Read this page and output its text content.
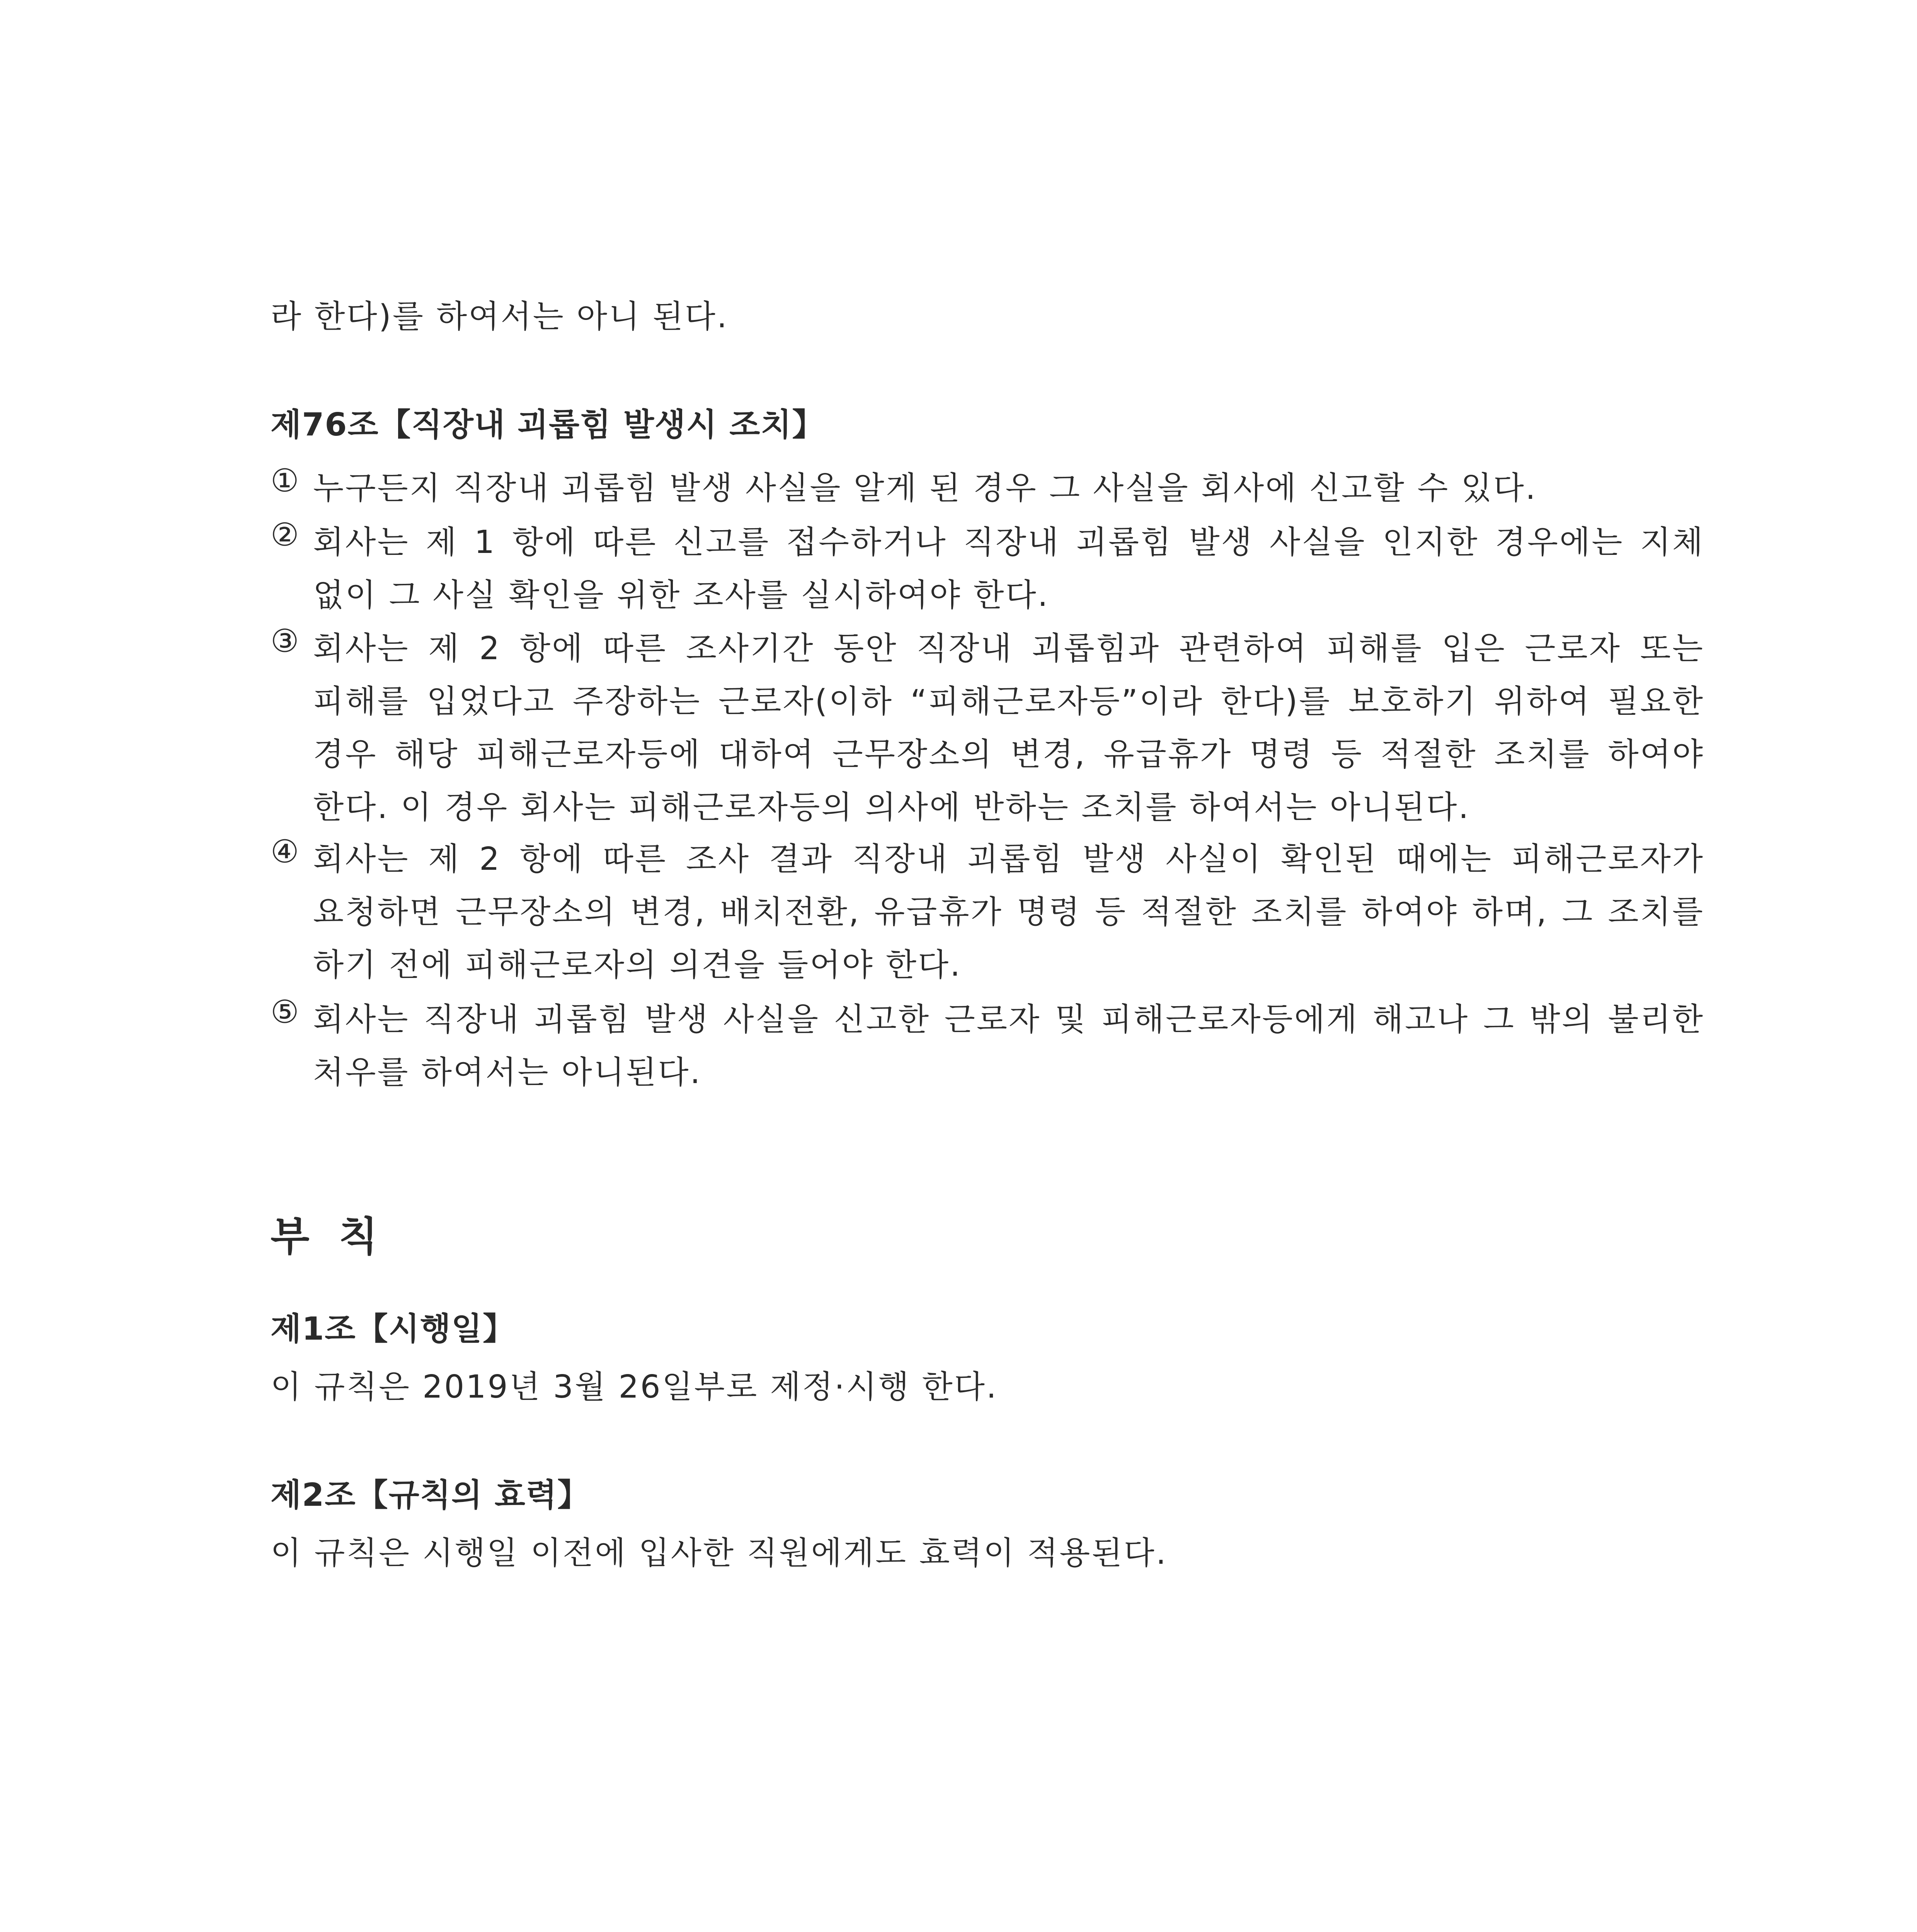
라 한다)를 하여서는 아니 된다.
제76조【직장내 괴롭힘 발생시 조치】
① 누구든지 직장내 괴롭힘 발생 사실을 알게 된 경우 그 사실을 회사에 신고할 수 있다.
② 회사는 제 1 항에 따른 신고를 접수하거나 직장내 괴롭힘 발생 사실을 인지한 경우에는 지체 없이 그 사실 확인을 위한 조사를 실시하여야 한다.
③ 회사는 제 2 항에 따른 조사기간 동안 직장내 괴롭힘과 관련하여 피해를 입은 근로자 또는 피해를 입었다고 주장하는 근로자(이하 “피해근로자등”이라 한다)를 보호하기 위하여 필요한 경우 해당 피해근로자등에 대하여 근무장소의 변경, 유급휴가 명령 등 적절한 조치를 하여야 한다. 이 경우 회사는 피해근로자등의 의사에 반하는 조치를 하여서는 아니된다.
④ 회사는 제 2 항에 따른 조사 결과 직장내 괴롭힘 발생 사실이 확인된 때에는 피해근로자가 요청하면 근무장소의 변경, 배치전환, 유급휴가 명령 등 적절한 조치를 하여야 하며, 그 조치를 하기 전에 피해근로자의 의견을 들어야 한다.
⑤ 회사는 직장내 괴롭힘 발생 사실을 신고한 근로자 및 피해근로자등에게 해고나 그 밖의 불리한 처우를 하여서는 아니된다.
부 칙
제1조【시행일】
이 규칙은 2019년 3월 26일부로 제정·시행 한다.
제2조【규칙의 효력】
이 규칙은 시행일 이전에 입사한 직원에게도 효력이 적용된다.
